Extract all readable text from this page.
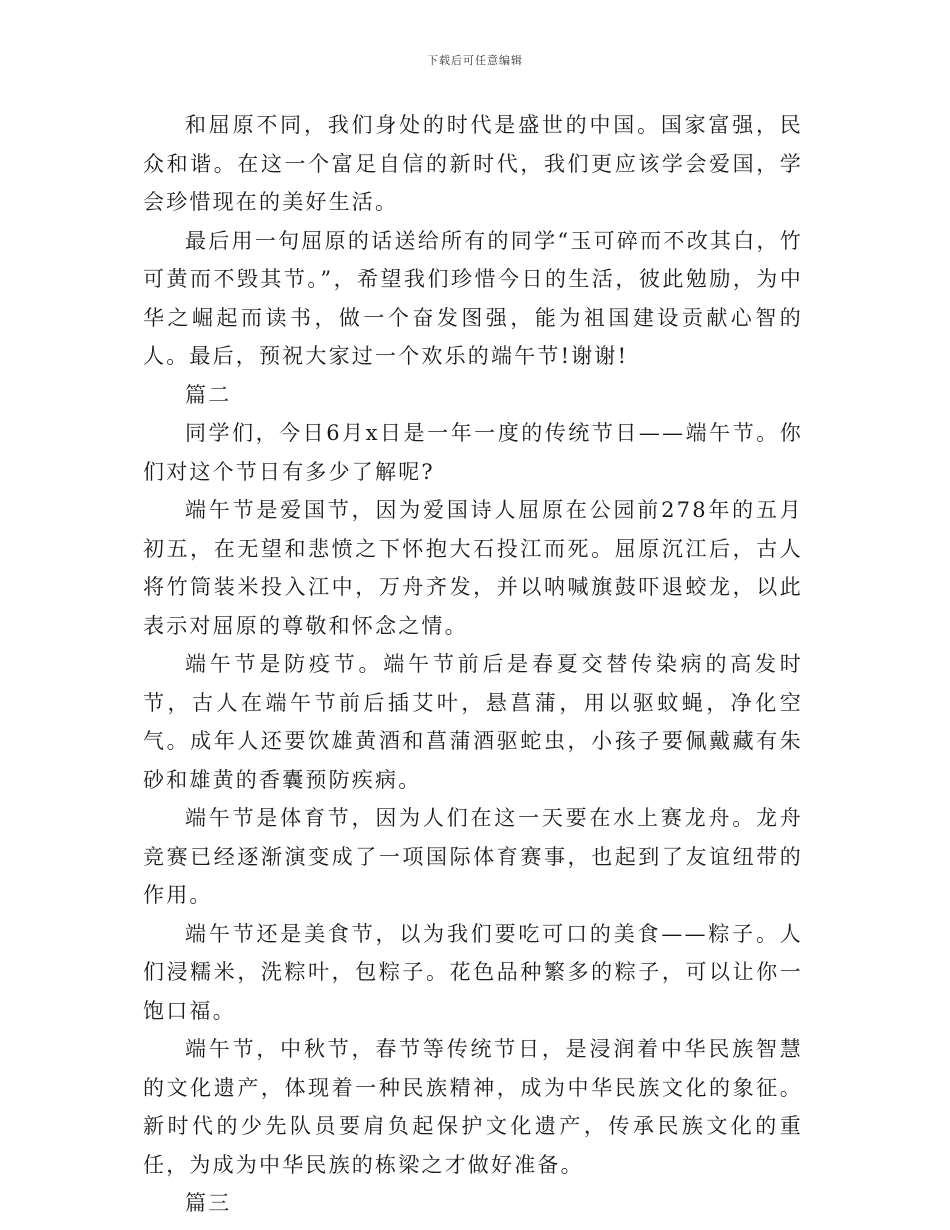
下载后可任意编辑

和屈原不同，我们身处的时代是盛世的中国。国家富强，民众和谐。在这一个富足自信的新时代，我们更应该学会爱国，学会珍惜现在的美好生活。

最后用一句屈原的话送给所有的同学“玉可碎而不改其白，竹可黄而不毁其节。”，希望我们珍惜今日的生活，彼此勉励，为中华之崛起而读书，做一个奋发图强，能为祖国建设贡献心智的人。最后，预祝大家过一个欢乐的端午节!谢谢!

篇二

同学们，今日6月x日是一年一度的传统节日——端午节。你们对这个节日有多少了解呢?

端午节是爱国节，因为爱国诗人屈原在公园前278年的五月初五，在无望和悲愤之下怀抱大石投江而死。屈原沉江后，古人将竹筒装米投入江中，万舟齐发，并以呐喊旗鼓吓退蛟龙，以此表示对屈原的尊敬和怀念之情。

端午节是防疫节。端午节前后是春夏交替传染病的高发时节，古人在端午节前后插艾叶，悬菖蒲，用以驱蚊蝇，净化空气。成年人还要饮雄黄酒和菖蒲酒驱蛇虫，小孩子要佩戴藏有朱砂和雄黄的香囊预防疾病。

端午节是体育节，因为人们在这一天要在水上赛龙舟。龙舟竞赛已经逐渐演变成了一项国际体育赛事，也起到了友谊纽带的作用。

端午节还是美食节，以为我们要吃可口的美食——粽子。人们浸糯米，洗粽叶，包粽子。花色品种繁多的粽子，可以让你一饱口福。

端午节，中秋节，春节等传统节日，是浸润着中华民族智慧的文化遗产，体现着一种民族精神，成为中华民族文化的象征。新时代的少先队员要肩负起保护文化遗产，传承民族文化的重任，为成为中华民族的栋梁之才做好准备。

篇三
